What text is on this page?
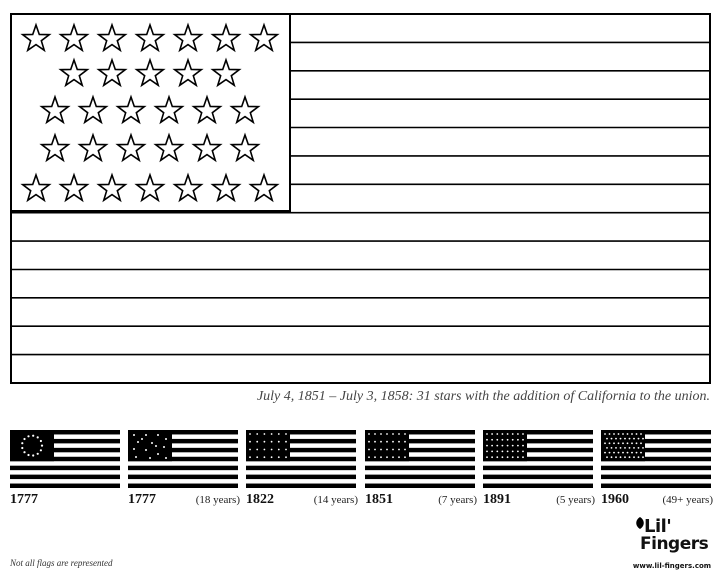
July 4, 1851 – July 3, 1858: 31 stars with the addition of California to the union.
1777	1777	(18 years) 1822	(14 years) 1851	(7 years) 1891	(5 years) 1960	(49+ years)
Not all flags are represented
Lil'
Fingers
www.lil-fingers.com
